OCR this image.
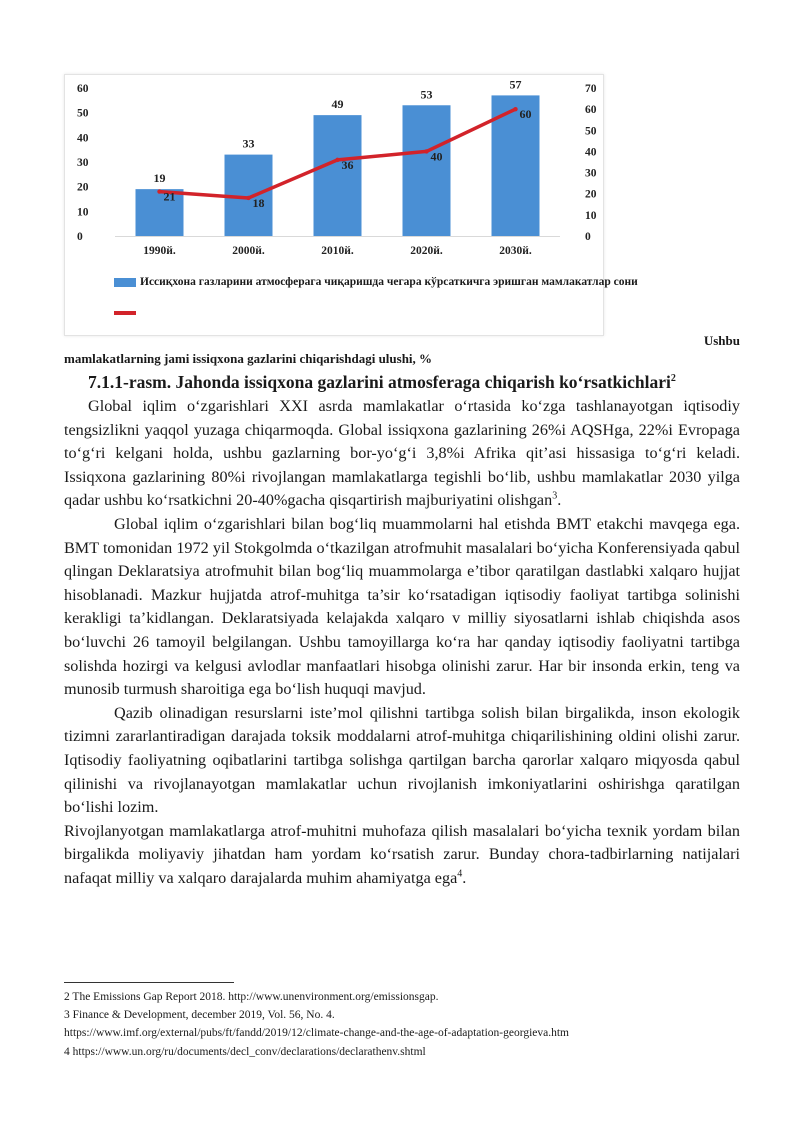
0
10
20
30
40
50
60
0
10
20
30
40
50
60
70
19
33
49
53
57
1990й.	2000й.	2010й.	2020й.	2030й.
21	18
36
40
60
Иссиқхона газларини атмосферага чиқаришда чегара кўрсаткичга эришган мамлакатлар сони
Ushbu
mamlakatlarning jami issiqxona gazlarini chiqarishdagi ulushi, %
7.1.1-rasm. Jahonda issiqxona gazlarini atmosferaga chiqarish ko‘rsatkichlari$^2$

Global iqlim o‘zgarishlari XXI asrda mamlakatlar o‘rtasida ko‘zga tashlanayotgan iqtisodiy tengsizlikni yaqqol yuzaga chiqarmoqda. Global issiqxona gazlarining 26%i AQSHga, 22%i Evropaga to‘g‘ri kelgani holda, ushbu gazlarning bor-yo‘g‘i 3,8%i Afrika qit’asi hissasiga to‘g‘ri keladi. Issiqxona gazlarining 80%i rivojlangan mamlakatlarga tegishli bo‘lib, ushbu mamlakatlar 2030 yilga qadar ushbu ko‘rsatkichni 20-40%gacha qisqartirish majburiyatini olishgan$^3$.

Global iqlim o‘zgarishlari bilan bog‘liq muammolarni hal etishda BMT etakchi mavqega ega. BMT tomonidan 1972 yil Stokgolmda o‘tkazilgan atrofmuhit masalalari bo‘yicha Konferensiyada qabul qlingan Deklaratsiya atrofmuhit bilan bog‘liq muammolarga e’tibor qaratilgan dastlabki xalqaro hujjat hisoblanadi. Mazkur hujjatda atrof-muhitga ta’sir ko‘rsatadigan iqtisodiy faoliyat tartibga solinishi kerakligi ta’kidlangan. Deklaratsiyada kelajakda xalqaro v milliy siyosatlarni ishlab chiqishda asos bo‘luvchi 26 tamoyil belgilangan. Ushbu tamoyillarga ko‘ra har qanday iqtisodiy faoliyatni tartibga solishda hozirgi va kelgusi avlodlar manfaatlari hisobga olinishi zarur. Har bir insonda erkin, teng va munosib turmush sharoitiga ega bo‘lish huquqi mavjud.

Qazib olinadigan resurslarni iste’mol qilishni tartibga solish bilan birgalikda, inson ekologik tizimni zararlantiradigan darajada toksik moddalarni atrof-muhitga chiqarilishining oldini olishi zarur. Iqtisodiy faoliyatning oqibatlarini tartibga solishga qartilgan barcha qarorlar xalqaro miqyosda qabul qilinishi va rivojlanayotgan mamlakatlar uchun rivojlanish imkoniyatlarini oshirishga qaratilgan bo‘lishi lozim.

Rivojlanyotgan mamlakatlarga atrof-muhitni muhofaza qilish masalalari bo‘yicha texnik yordam bilan birgalikda moliyaviy jihatdan ham yordam ko‘rsatish zarur. Bunday chora-tadbirlarning natijalari nafaqat milliy va xalqaro darajalarda muhim ahamiyatga ega$^4$.

2 The Emissions Gap Report 2018. http://www.unenvironment.org/emissionsgap.
3 Finance & Development, december 2019, Vol. 56, No. 4.
https://www.imf.org/external/pubs/ft/fandd/2019/12/climate-change-and-the-age-of-adaptation-georgieva.htm
4 https://www.un.org/ru/documents/decl_conv/declarations/declarathenv.shtml
